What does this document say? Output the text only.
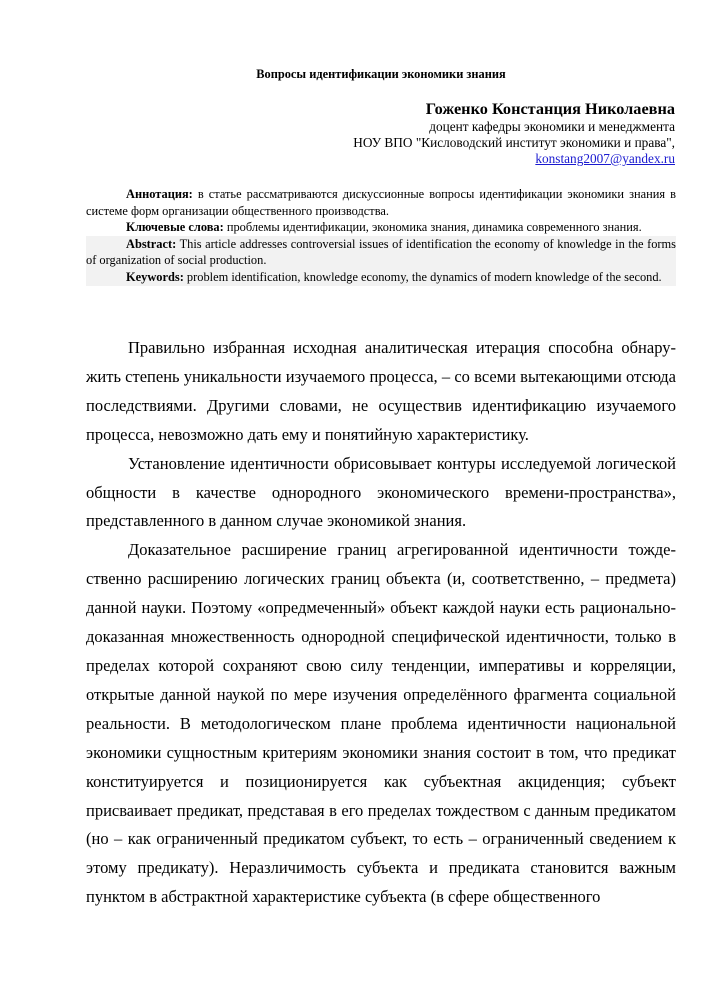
Вопросы идентификации экономики знания
Гоженко Констанция Николаевна
доцент кафедры экономики и менеджмента
НОУ ВПО "Кисловодский институт экономики и права",
konstang2007@yandex.ru

Аннотация: в статье рассматриваются дискуссионные вопросы идентификации экономики знания в системе форм организации общественного производства.

Ключевые слова: проблемы идентификации, экономика знания, динамика современного знания.

Abstract: This article addresses controversial issues of identification the economy of knowledge in the forms of organization of social production.

Keywords: problem identification, knowledge economy, the dynamics of modern knowledge of the second.

Правильно избранная исходная аналитическая итерация способна обнаружить степень уникальности изучаемого процесса, – со всеми вытекающими отсюда последствиями. Другими словами, не осуществив идентификацию изучаемого процесса, невозможно дать ему и понятийную характеристику.

Установление идентичности обрисовывает контуры исследуемой логической общности в качестве однородного экономического времени-пространства», представленного в данном случае экономикой знания.

Доказательное расширение границ агрегированной идентичности тождественно расширению логических границ объекта (и, соответственно, – предмета) данной науки. Поэтому «опредмеченный» объект каждой науки есть рационально-доказанная множественность однородной специфической идентичности, только в пределах которой сохраняют свою силу тенденции, императивы и корреляции, открытые данной наукой по мере изучения определённого фрагмента социальной реальности. В методологическом плане проблема идентичности национальной экономики сущностным критериям экономики знания состоит в том, что предикат конституируется и позиционируется как субъектная акциденция; субъект присваивает предикат, представая в его пределах тождеством с данным предикатом (но – как ограниченный предикатом субъект, то есть – ограниченный сведением к этому предикату). Неразличимость субъекта и предиката становится важным пунктом в абстрактной характеристике субъекта (в сфере общественного
